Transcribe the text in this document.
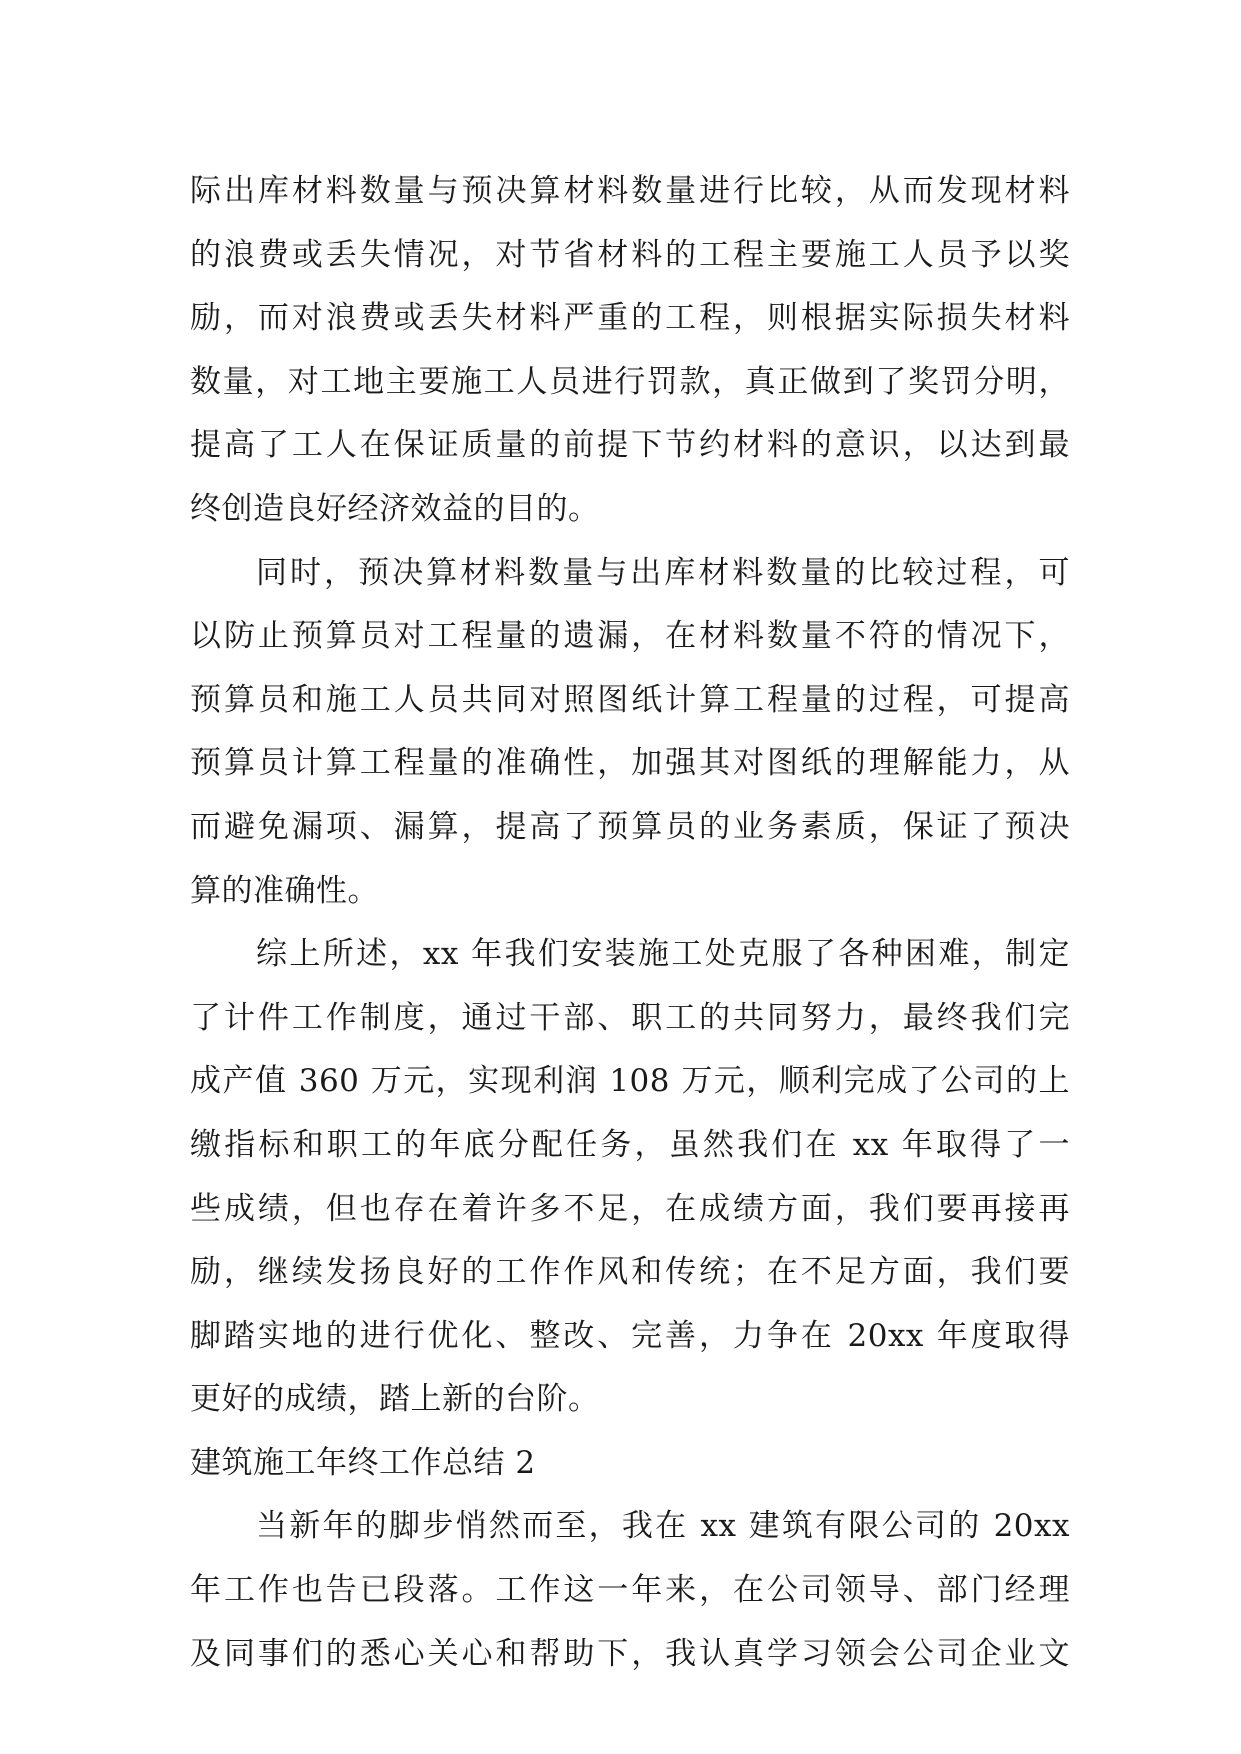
际出库材料数量与预决算材料数量进行比较，从而发现材料
的浪费或丢失情况，对节省材料的工程主要施工人员予以奖
励，而对浪费或丢失材料严重的工程，则根据实际损失材料
数量，对工地主要施工人员进行罚款，真正做到了奖罚分明，
提高了工人在保证质量的前提下节约材料的意识，以达到最
终创造良好经济效益的目的。
同时，预决算材料数量与出库材料数量的比较过程，可
以防止预算员对工程量的遗漏，在材料数量不符的情况下，
预算员和施工人员共同对照图纸计算工程量的过程，可提高
预算员计算工程量的准确性，加强其对图纸的理解能力，从
而避免漏项、漏算，提高了预算员的业务素质，保证了预决
算的准确性。
综上所述，xx 年我们安装施工处克服了各种困难，制定
了计件工作制度，通过干部、职工的共同努力，最终我们完
成产值 360 万元，实现利润 108 万元，顺利完成了公司的上
缴指标和职工的年底分配任务，虽然我们在 xx 年取得了一
些成绩，但也存在着许多不足，在成绩方面，我们要再接再
励，继续发扬良好的工作作风和传统；在不足方面，我们要
脚踏实地的进行优化、整改、完善，力争在 20xx 年度取得
更好的成绩，踏上新的台阶。
建筑施工年终工作总结 2
当新年的脚步悄然而至，我在 xx 建筑有限公司的 20xx
年工作也告已段落。工作这一年来，在公司领导、部门经理
及同事们的悉心关心和帮助下，我认真学习领会公司企业文
